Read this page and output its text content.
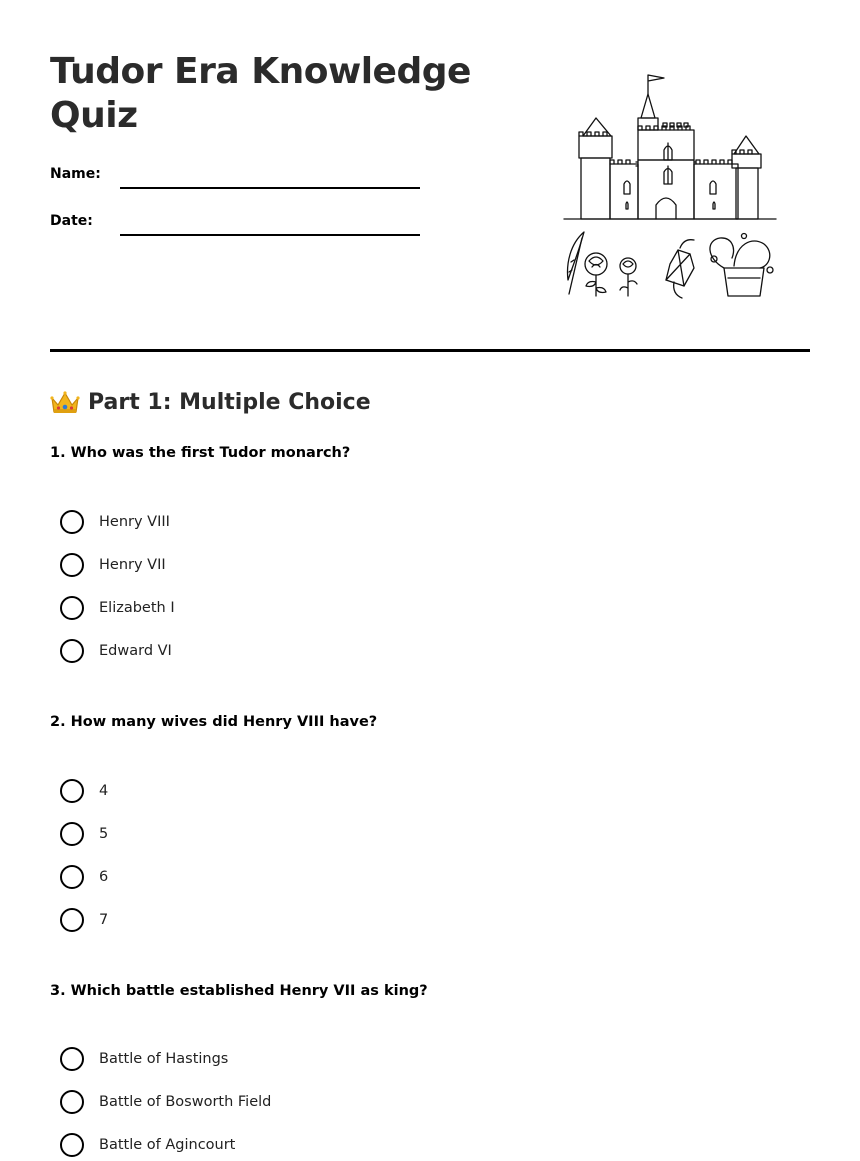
Tudor Era Knowledge Quiz
Name:
Date:
Part 1: Multiple Choice
1. Who was the first Tudor monarch?
Henry VIII
Henry VII
Elizabeth I
Edward VI
2. How many wives did Henry VIII have?
4
5
6
7
3. Which battle established Henry VII as king?
Battle of Hastings
Battle of Bosworth Field
Battle of Agincourt
